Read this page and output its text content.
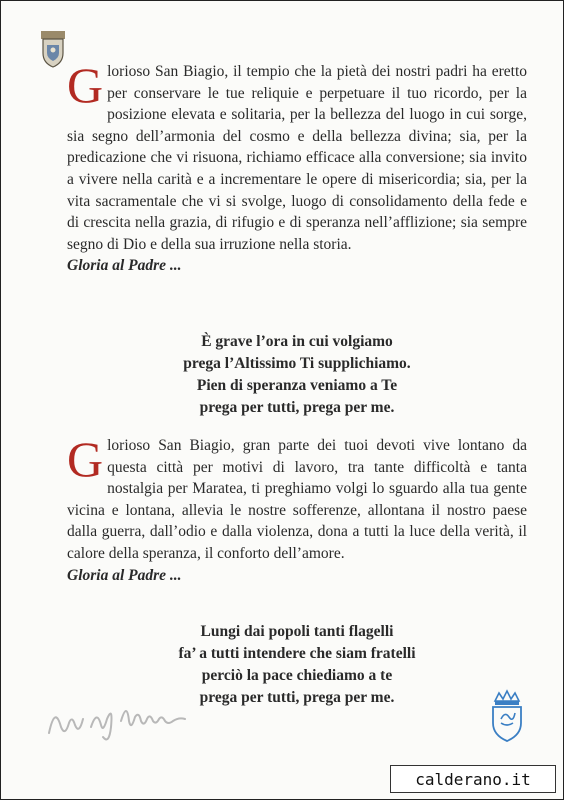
G lorioso San Biagio, il tempio che la pietà dei nostri padri ha eretto per conservare le tue reliquie e perpetuare il tuo ricordo, per la posizione elevata e solitaria, per la bellezza del luogo in cui sorge, sia segno dell’armonia del cosmo e della bellezza divina; sia, per la predicazione che vi risuona, richiamo efficace alla conversione; sia invito a vivere nella carità e a incrementare le opere di misericordia; sia, per la vita sacramentale che vi si svolge, luogo di consolidamento della fede e di crescita nella grazia, di rifugio e di speranza nell’afflizione; sia sempre segno di Dio e della sua irruzione nella storia.
Gloria al Padre ...
È grave l’ora in cui volgiamo
prega l’Altissimo Ti supplichiamo.
Pien di speranza veniamo a Te
prega per tutti, prega per me.
G lorioso San Biagio, gran parte dei tuoi devoti vive lontano da questa città per motivi di lavoro, tra tante difficoltà e tanta nostalgia per Maratea, ti preghiamo volgi lo sguardo alla tua gente vicina e lontana, allevia le nostre sofferenze, allontana il nostro paese dalla guerra, dall’odio e dalla violenza, dona a tutti la luce della verità, il calore della speranza, il conforto dell’amore.
Gloria al Padre ...
Lungi dai popoli tanti flagelli
fa’ a tutti intendere che siam fratelli
perciò la pace chiediamo a te
prega per tutti, prega per me.
calderano.it
